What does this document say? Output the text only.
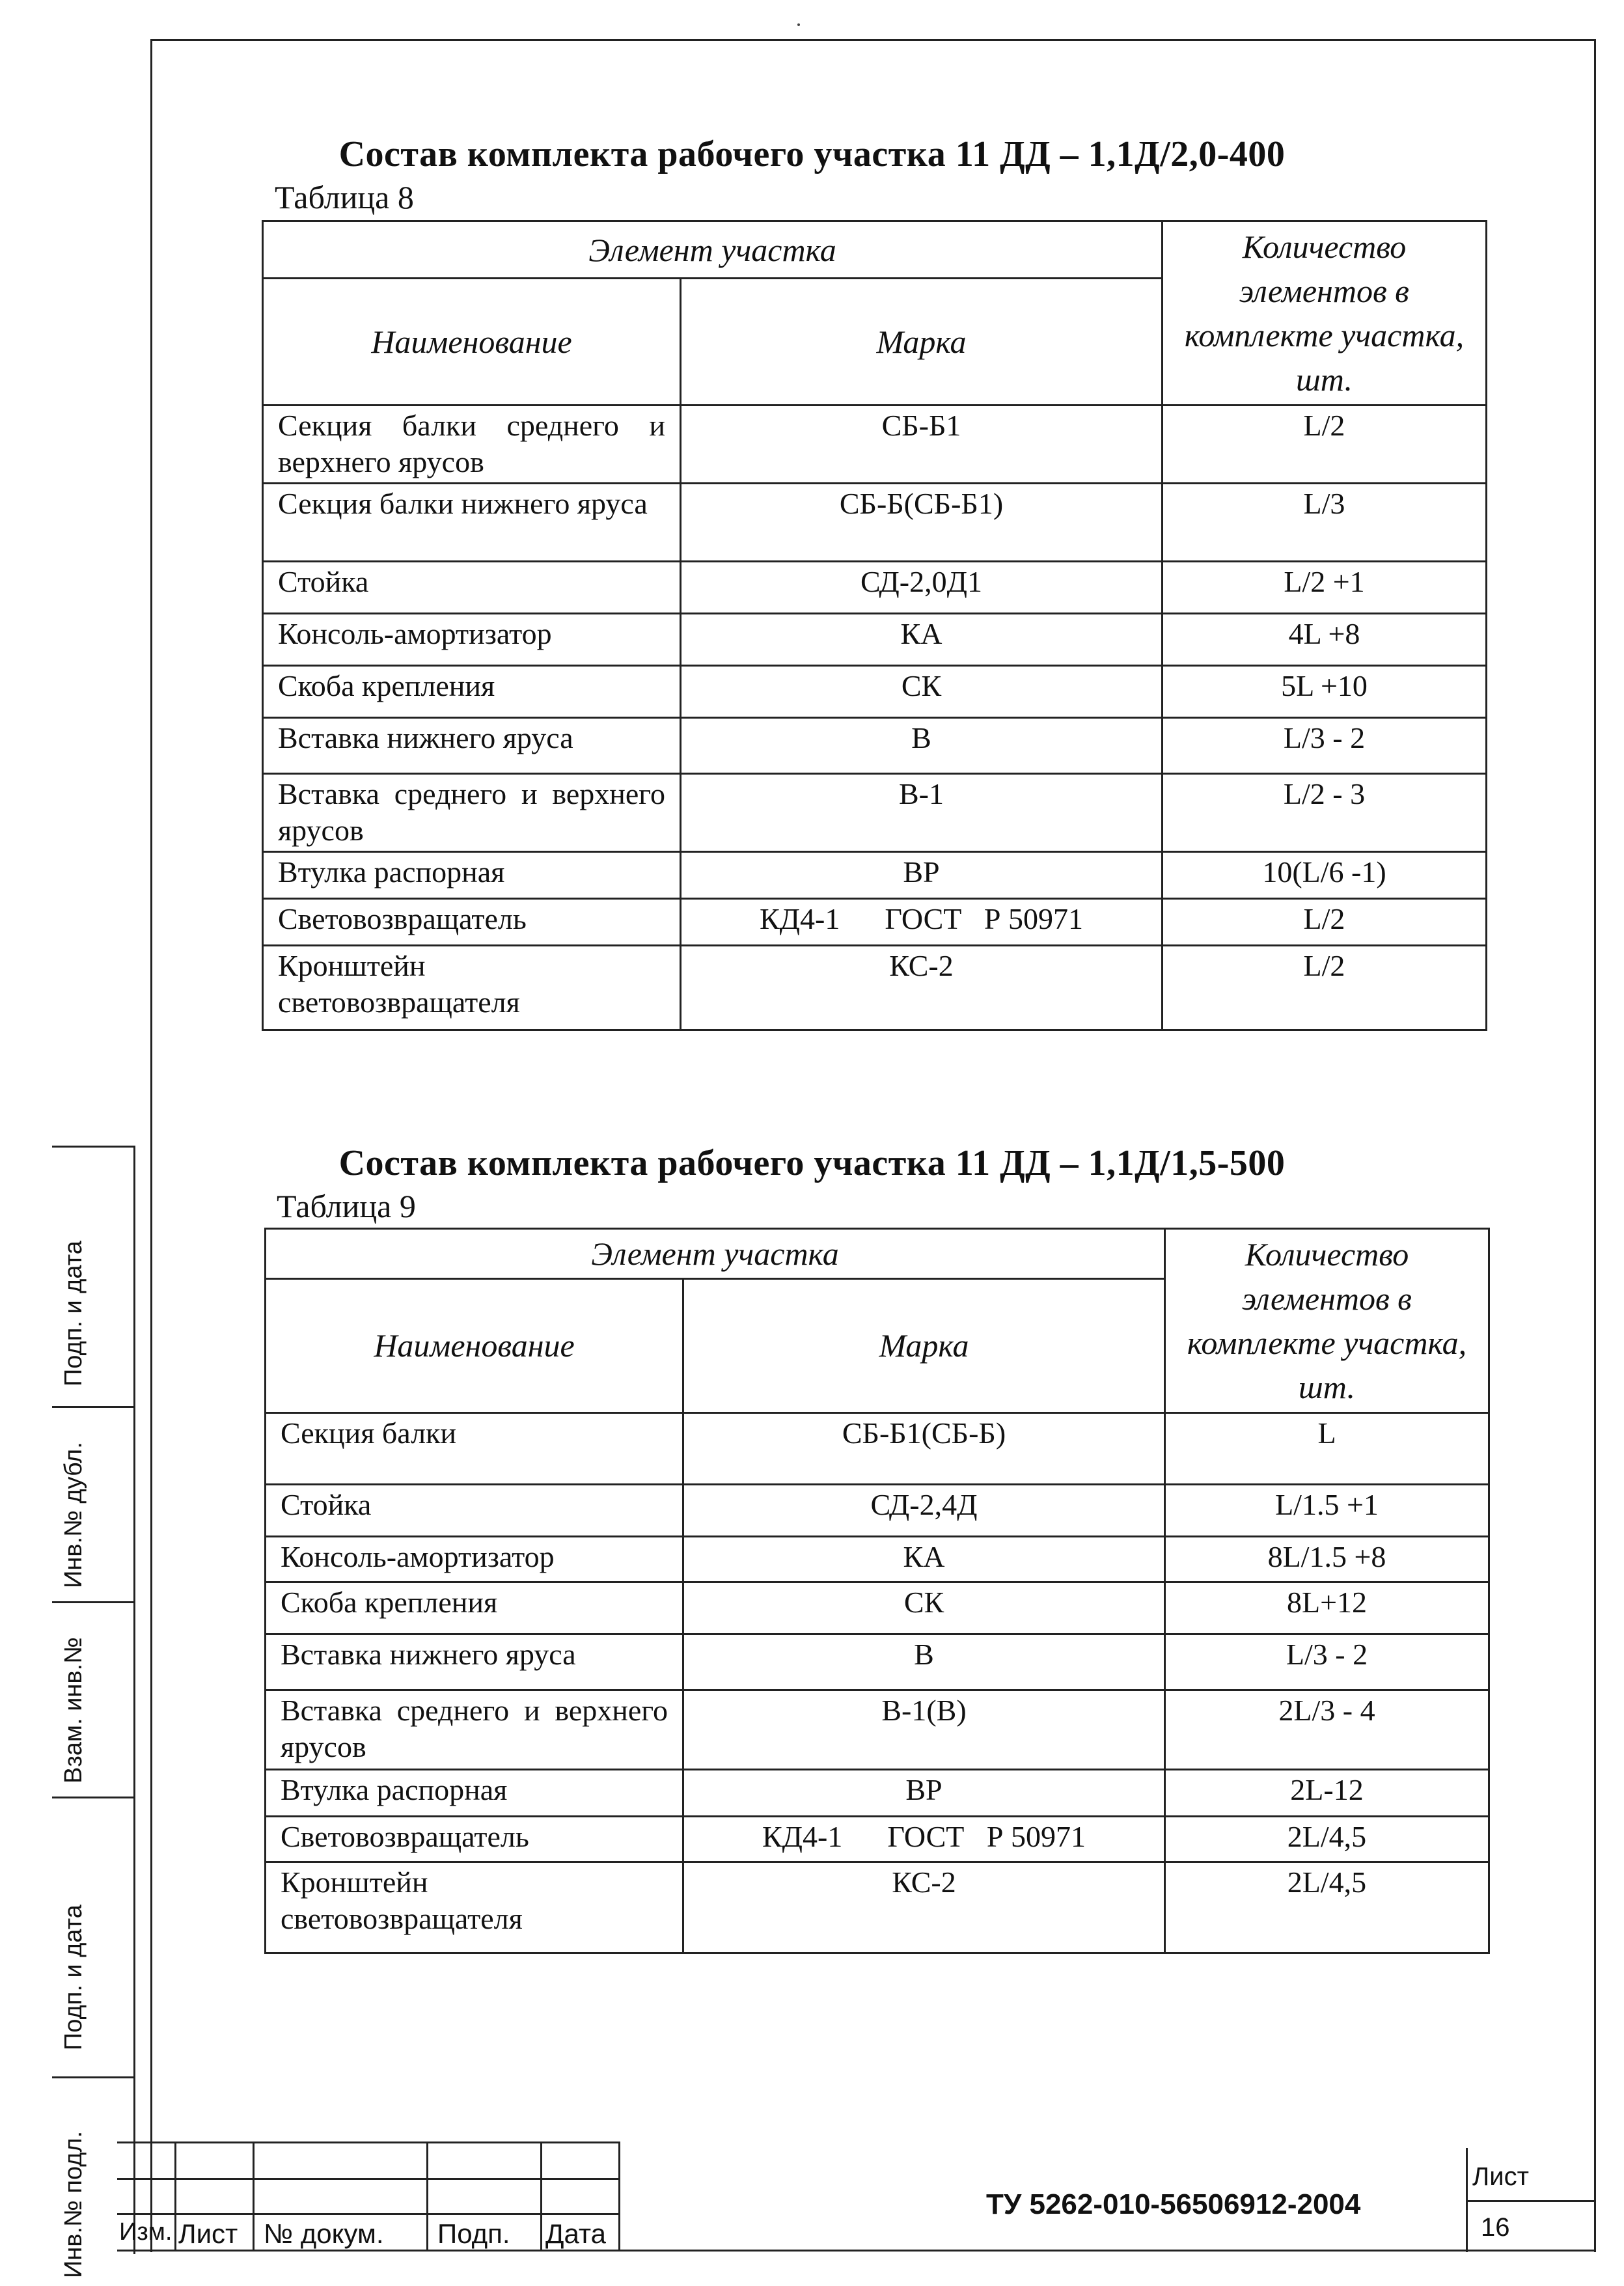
Состав комплекта рабочего участка 11 ДД – 1,1Д/2,0-400
Таблица 8
Элемент участка		Количество элементов в комплекте участка, шт.
Наименование	Марка	
Секция балки среднего и верхнего ярусов	СБ-Б1	L/2
Секция балки нижнего яруса	СБ-Б(СБ-Б1)	L/3
Стойка	СД-2,0Д1	L/2 +1
Консоль-амортизатор	КА	4L +8
Скоба крепления	СК	5L +10
Вставка нижнего яруса	В	L/3 - 2
Вставка среднего и верхнего ярусов	В-1	L/2 - 3
Втулка распорная	ВР	10(L/6 -1)
Световозвращатель	КД4-1      ГОСТ   Р 50971	L/2
Кронштейн световозвращателя	КС-2	L/2
Состав комплекта рабочего участка 11 ДД – 1,1Д/1,5-500
Таблица 9
Элемент участка		Количество элементов в комплекте участка, шт.
Наименование	Марка	
Секция балки	СБ-Б1(СБ-Б)	L
Стойка	СД-2,4Д	L/1.5 +1
Консоль-амортизатор	КА	8L/1.5 +8
Скоба крепления	СК	8L+12
Вставка нижнего яруса	В	L/3 - 2
Вставка среднего и верхнего ярусов	В-1(В)	2L/3 - 4
Втулка распорная	ВР	2L-12
Световозвращатель	КД4-1      ГОСТ   Р 50971	2L/4,5
Кронштейн световозвращателя	КС-2	2L/4,5
Подп. и дата
Инв.№ дубл.
Взам. инв.№
Подп. и дата
Инв.№ подл. Изм. Лист № докум. Подп. Дата
ТУ 5262-010-56506912-2004
Лист
16
